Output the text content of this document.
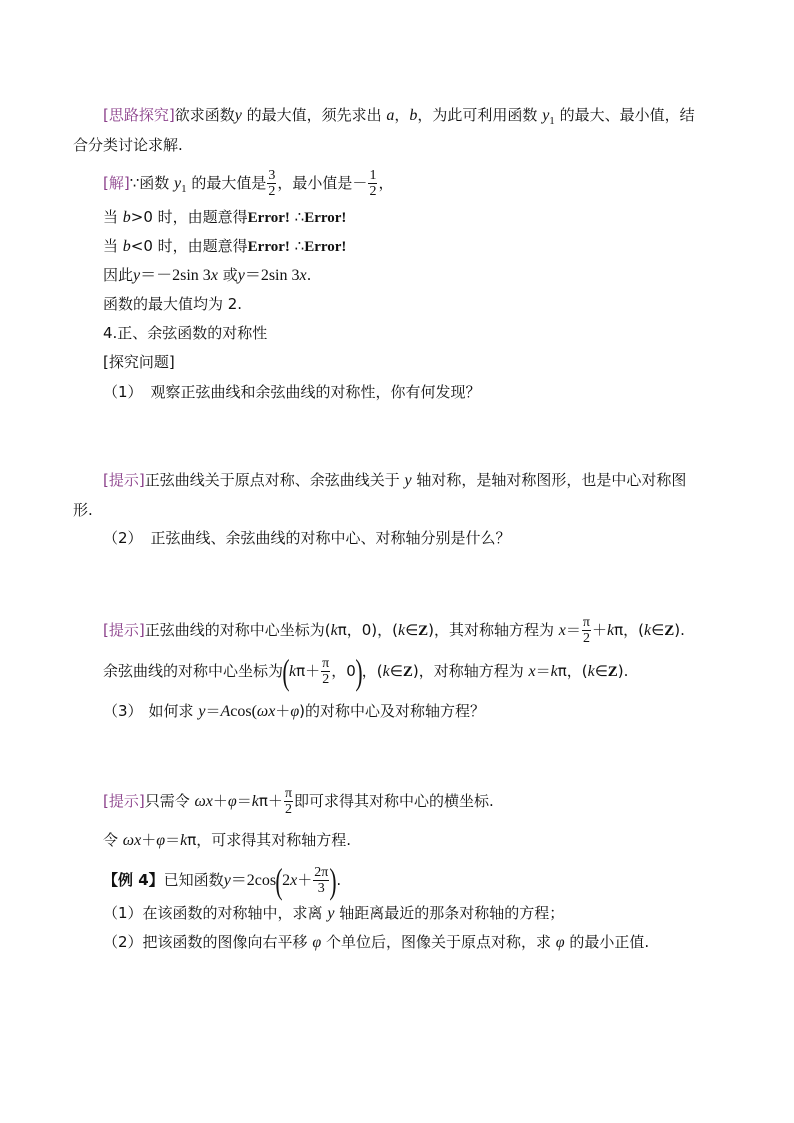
[思路探究]欲求函数y 的最大值，须先求出 a，b，为此可利用函数 $y_1$ 的最大、最小值，结
合分类讨论求解.
[解]∵函数 $y_1$ 的最大值是 $\frac{3}{2}$ ，最小值是－ $\frac{1}{2}$ ，
当 b>0 时，由题意得Error! ∴Error!
当 b<0 时，由题意得Error! ∴Error!
因此y＝－2sin 3x 或y＝2sin 3x.
函数的最大值均为 2.
4.正、余弦函数的对称性
[探究问题]
（1） 观察正弦曲线和余弦曲线的对称性，你有何发现？
[提示]正弦曲线关于原点对称、余弦曲线关于 y 轴对称，是轴对称图形，也是中心对称图
形.
（2） 正弦曲线、余弦曲线的对称中心、对称轴分别是什么？
[提示]正弦曲线的对称中心坐标为(kπ，0)，(k∈Z)，其对称轴方程为 $x= \frac{\pi}{2} +k\pi$，(k∈Z).
余弦曲线的对称中心坐标为($k\pi+ \frac{\pi}{2}$ ，0)，(k∈Z)，对称轴方程为 x＝kπ，(k∈Z).
（3） 如何求 y＝Acos(ωx＋φ)的对称中心及对称轴方程？
[提示]只需令 $\omega x+\varphi=k\pi+ \frac{\pi}{2}$ 即可求得其对称中心的横坐标.
令 ωx＋φ＝kπ，可求得其对称轴方程.
【例 4】已知函数$y=2\cos(2x+ \frac{2\pi}{3}$ ).
（1）在该函数的对称轴中，求离 y 轴距离最近的那条对称轴的方程；
（2）把该函数的图像向右平移 φ 个单位后，图像关于原点对称，求 φ 的最小正值.
